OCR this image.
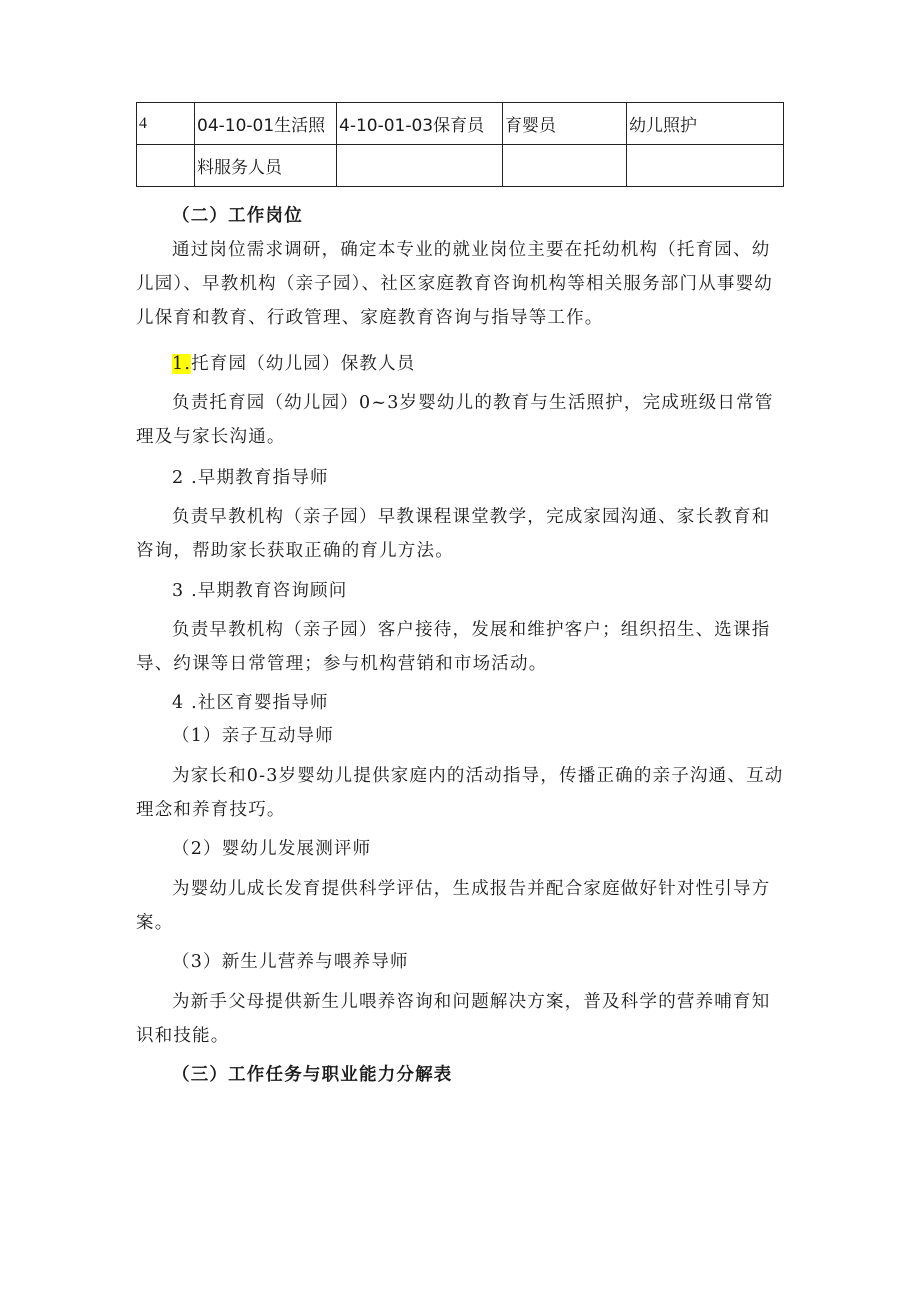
4	04-10-01生活照	4-10-01-03保育员	育婴员	幼儿照护
	料服务人员			

（二）工作岗位

通过岗位需求调研，确定本专业的就业岗位主要在托幼机构（托育园、幼儿园）、早教机构（亲子园）、社区家庭教育咨询机构等相关服务部门从事婴幼儿保育和教育、行政管理、家庭教育咨询与指导等工作。

1.托育园（幼儿园）保教人员

负责托育园（幼儿园）0~3岁婴幼儿的教育与生活照护，完成班级日常管理及与家长沟通。

2 .早期教育指导师

负责早教机构（亲子园）早教课程课堂教学，完成家园沟通、家长教育和咨询，帮助家长获取正确的育儿方法。

3 .早期教育咨询顾问

负责早教机构（亲子园）客户接待，发展和维护客户；组织招生、选课指导、约课等日常管理；参与机构营销和市场活动。

4 .社区育婴指导师

（1）亲子互动导师

为家长和0-3岁婴幼儿提供家庭内的活动指导，传播正确的亲子沟通、互动理念和养育技巧。

（2）婴幼儿发展测评师

为婴幼儿成长发育提供科学评估，生成报告并配合家庭做好针对性引导方案。

（3）新生儿营养与喂养导师

为新手父母提供新生儿喂养咨询和问题解决方案，普及科学的营养哺育知识和技能。

（三）工作任务与职业能力分解表
